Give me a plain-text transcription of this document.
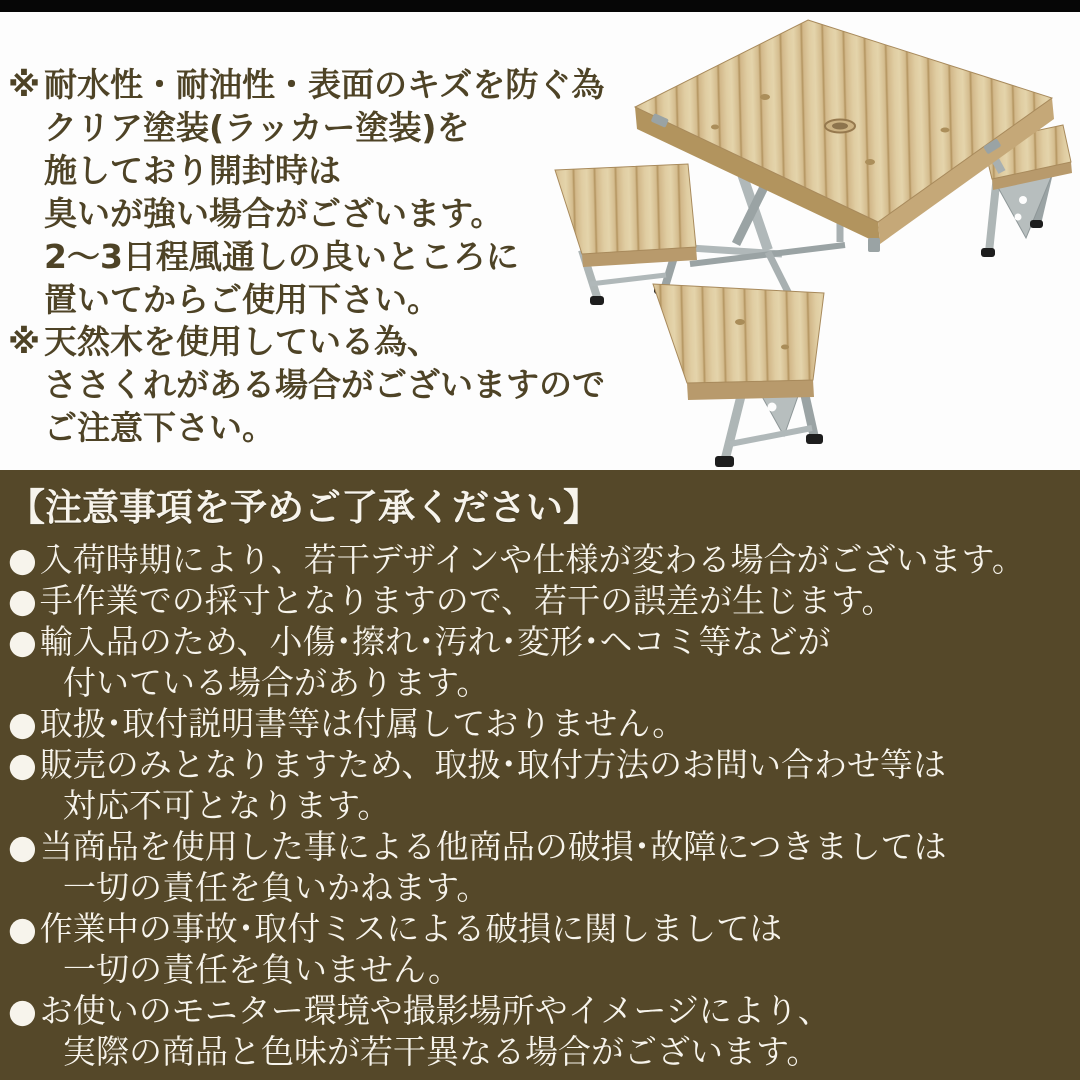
※ 耐水性・耐油性・表面のキズを防ぐ為
クリア塗装(ラッカー塗装)を
施しており開封時は
臭いが強い場合がございます。
2〜3日程風通しの良いところに
置いてからご使用下さい。
※ 天然木を使用している為、
ささくれがある場合がございますので
ご注意下さい。
【注意事項を予めご了承ください】
● 入荷時期により、若干デザインや仕様が変わる場合がございます。
● 手作業での採寸となりますので、若干の誤差が生じます。
● 輸入品のため、小傷･擦れ･汚れ･変形･ヘコミ等などが
付いている場合があります。
● 取扱･取付説明書等は付属しておりません。
● 販売のみとなりますため、取扱･取付方法のお問い合わせ等は
対応不可となります。
● 当商品を使用した事による他商品の破損･故障につきましては
一切の責任を負いかねます。
● 作業中の事故･取付ミスによる破損に関しましては
一切の責任を負いません。
● お使いのモニター環境や撮影場所やイメージにより、
実際の商品と色味が若干異なる場合がございます。
